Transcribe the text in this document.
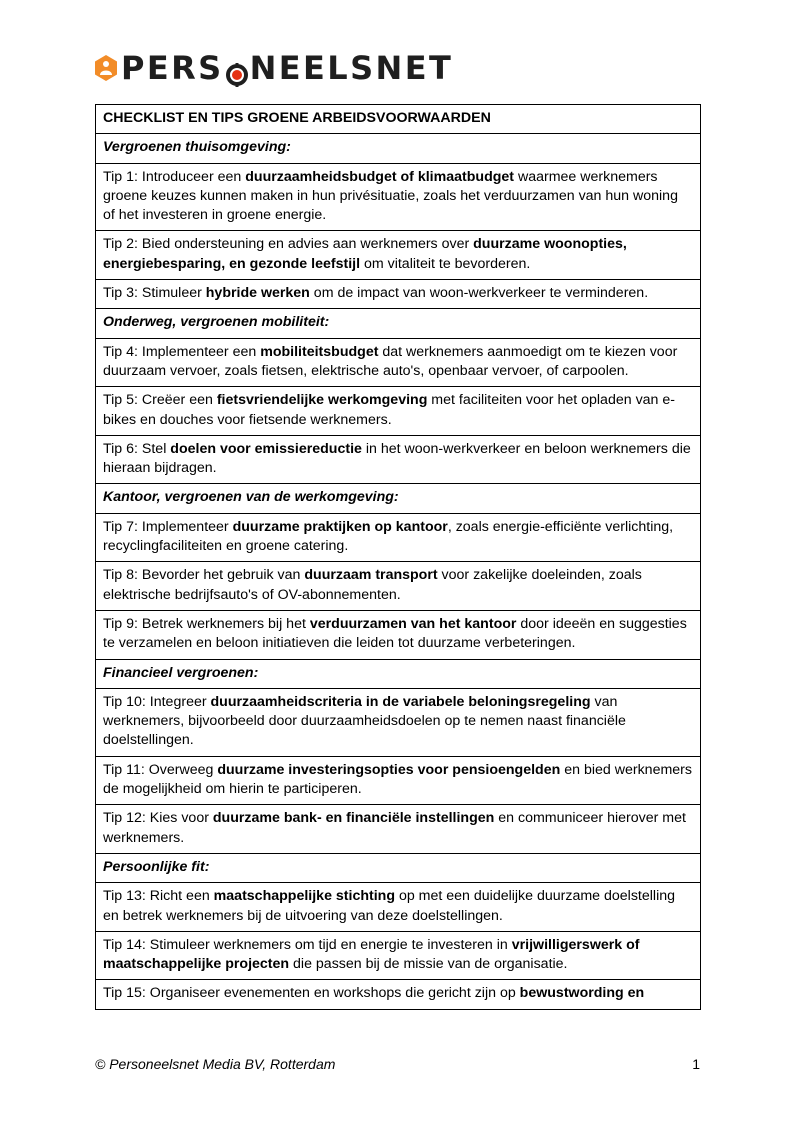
PERS NEELSNET
CHECKLIST EN TIPS GROENE ARBEIDSVOORWAARDEN
Vergroenen thuisomgeving:
Tip 1: Introduceer een duurzaamheidsbudget of klimaatbudget waarmee werknemers groene keuzes kunnen maken in hun privésituatie, zoals het verduurzamen van hun woning of het investeren in groene energie.
Tip 2: Bied ondersteuning en advies aan werknemers over duurzame woonopties, energiebesparing, en gezonde leefstijl om vitaliteit te bevorderen.
Tip 3: Stimuleer hybride werken om de impact van woon-werkverkeer te verminderen.
Onderweg, vergroenen mobiliteit:
Tip 4: Implementeer een mobiliteitsbudget dat werknemers aanmoedigt om te kiezen voor duurzaam vervoer, zoals fietsen, elektrische auto's, openbaar vervoer, of carpoolen.
Tip 5: Creëer een fietsvriendelijke werkomgeving met faciliteiten voor het opladen van e-bikes en douches voor fietsende werknemers.
Tip 6: Stel doelen voor emissiereductie in het woon-werkverkeer en beloon werknemers die hieraan bijdragen.
Kantoor, vergroenen van de werkomgeving:
Tip 7: Implementeer duurzame praktijken op kantoor, zoals energie-efficiënte verlichting, recyclingfaciliteiten en groene catering.
Tip 8: Bevorder het gebruik van duurzaam transport voor zakelijke doeleinden, zoals elektrische bedrijfsauto's of OV-abonnementen.
Tip 9: Betrek werknemers bij het verduurzamen van het kantoor door ideeën en suggesties te verzamelen en beloon initiatieven die leiden tot duurzame verbeteringen.
Financieel vergroenen:
Tip 10: Integreer duurzaamheidscriteria in de variabele beloningsregeling van werknemers, bijvoorbeeld door duurzaamheidsdoelen op te nemen naast financiële doelstellingen.
Tip 11: Overweeg duurzame investeringsopties voor pensioengelden en bied werknemers de mogelijkheid om hierin te participeren.
Tip 12: Kies voor duurzame bank- en financiële instellingen en communiceer hierover met werknemers.
Persoonlijke fit:
Tip 13: Richt een maatschappelijke stichting op met een duidelijke duurzame doelstelling en betrek werknemers bij de uitvoering van deze doelstellingen.
Tip 14: Stimuleer werknemers om tijd en energie te investeren in vrijwilligerswerk of maatschappelijke projecten die passen bij de missie van de organisatie.
Tip 15: Organiseer evenementen en workshops die gericht zijn op bewustwording en
© Personeelsnet Media BV, Rotterdam	1
